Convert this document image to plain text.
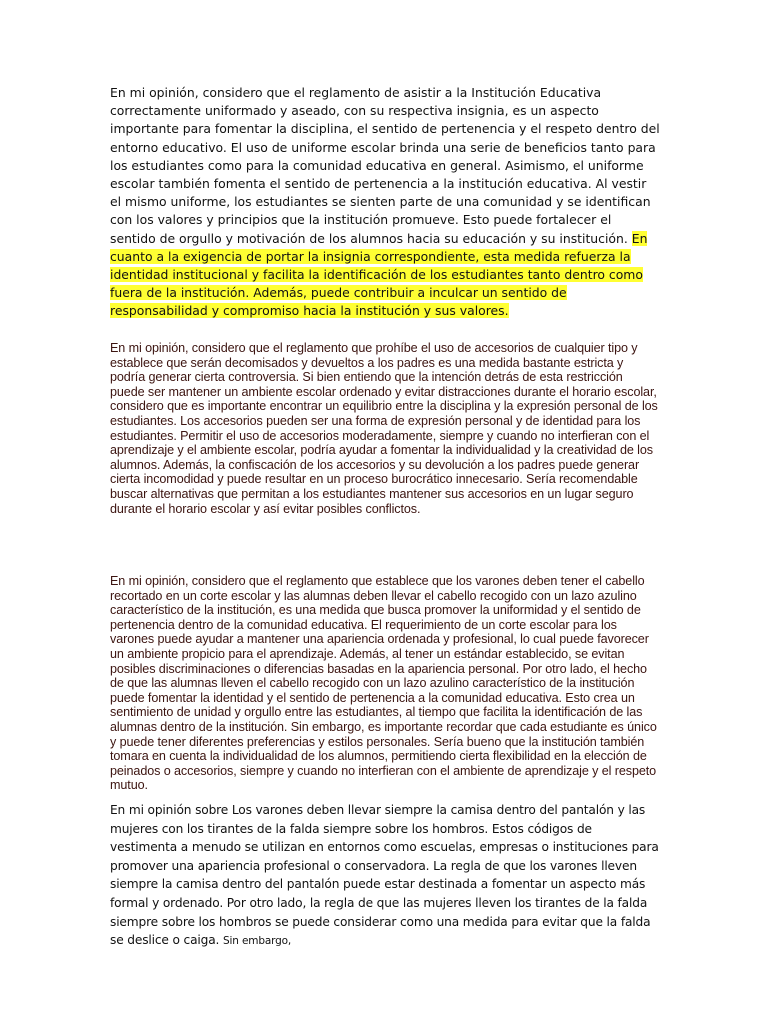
En mi opinión, considero que el reglamento de asistir a la Institución Educativa correctamente uniformado y aseado, con su respectiva insignia, es un aspecto importante para fomentar la disciplina, el sentido de pertenencia y el respeto dentro del entorno educativo. El uso de uniforme escolar brinda una serie de beneficios tanto para los estudiantes como para la comunidad educativa en general. Asimismo, el uniforme escolar también fomenta el sentido de pertenencia a la institución educativa. Al vestir el mismo uniforme, los estudiantes se sienten parte de una comunidad y se identifican con los valores y principios que la institución promueve. Esto puede fortalecer el sentido de orgullo y motivación de los alumnos hacia su educación y su institución. En cuanto a la exigencia de portar la insignia correspondiente, esta medida refuerza la identidad institucional y facilita la identificación de los estudiantes tanto dentro como fuera de la institución. Además, puede contribuir a inculcar un sentido de responsabilidad y compromiso hacia la institución y sus valores.

En mi opinión, considero que el reglamento que prohíbe el uso de accesorios de cualquier tipo y establece que serán decomisados y devueltos a los padres es una medida bastante estricta y podría generar cierta controversia. Si bien entiendo que la intención detrás de esta restricción puede ser mantener un ambiente escolar ordenado y evitar distracciones durante el horario escolar, considero que es importante encontrar un equilibrio entre la disciplina y la expresión personal de los estudiantes. Los accesorios pueden ser una forma de expresión personal y de identidad para los estudiantes. Permitir el uso de accesorios moderadamente, siempre y cuando no interfieran con el aprendizaje y el ambiente escolar, podría ayudar a fomentar la individualidad y la creatividad de los alumnos. Además, la confiscación de los accesorios y su devolución a los padres puede generar cierta incomodidad y puede resultar en un proceso burocrático innecesario. Sería recomendable buscar alternativas que permitan a los estudiantes mantener sus accesorios en un lugar seguro durante el horario escolar y así evitar posibles conflictos.

En mi opinión, considero que el reglamento que establece que los varones deben tener el cabello recortado en un corte escolar y las alumnas deben llevar el cabello recogido con un lazo azulino característico de la institución, es una medida que busca promover la uniformidad y el sentido de pertenencia dentro de la comunidad educativa. El requerimiento de un corte escolar para los varones puede ayudar a mantener una apariencia ordenada y profesional, lo cual puede favorecer un ambiente propicio para el aprendizaje. Además, al tener un estándar establecido, se evitan posibles discriminaciones o diferencias basadas en la apariencia personal. Por otro lado, el hecho de que las alumnas lleven el cabello recogido con un lazo azulino característico de la institución puede fomentar la identidad y el sentido de pertenencia a la comunidad educativa. Esto crea un sentimiento de unidad y orgullo entre las estudiantes, al tiempo que facilita la identificación de las alumnas dentro de la institución. Sin embargo, es importante recordar que cada estudiante es único y puede tener diferentes preferencias y estilos personales. Sería bueno que la institución también tomara en cuenta la individualidad de los alumnos, permitiendo cierta flexibilidad en la elección de peinados o accesorios, siempre y cuando no interfieran con el ambiente de aprendizaje y el respeto mutuo.

En mi opinión sobre Los varones deben llevar siempre la camisa dentro del pantalón y las mujeres con los tirantes de la falda siempre sobre los hombros. Estos códigos de vestimenta a menudo se utilizan en entornos como escuelas, empresas o instituciones para promover una apariencia profesional o conservadora. La regla de que los varones lleven siempre la camisa dentro del pantalón puede estar destinada a fomentar un aspecto más formal y ordenado. Por otro lado, la regla de que las mujeres lleven los tirantes de la falda siempre sobre los hombros se puede considerar como una medida para evitar que la falda se deslice o caiga. Sin embargo,
